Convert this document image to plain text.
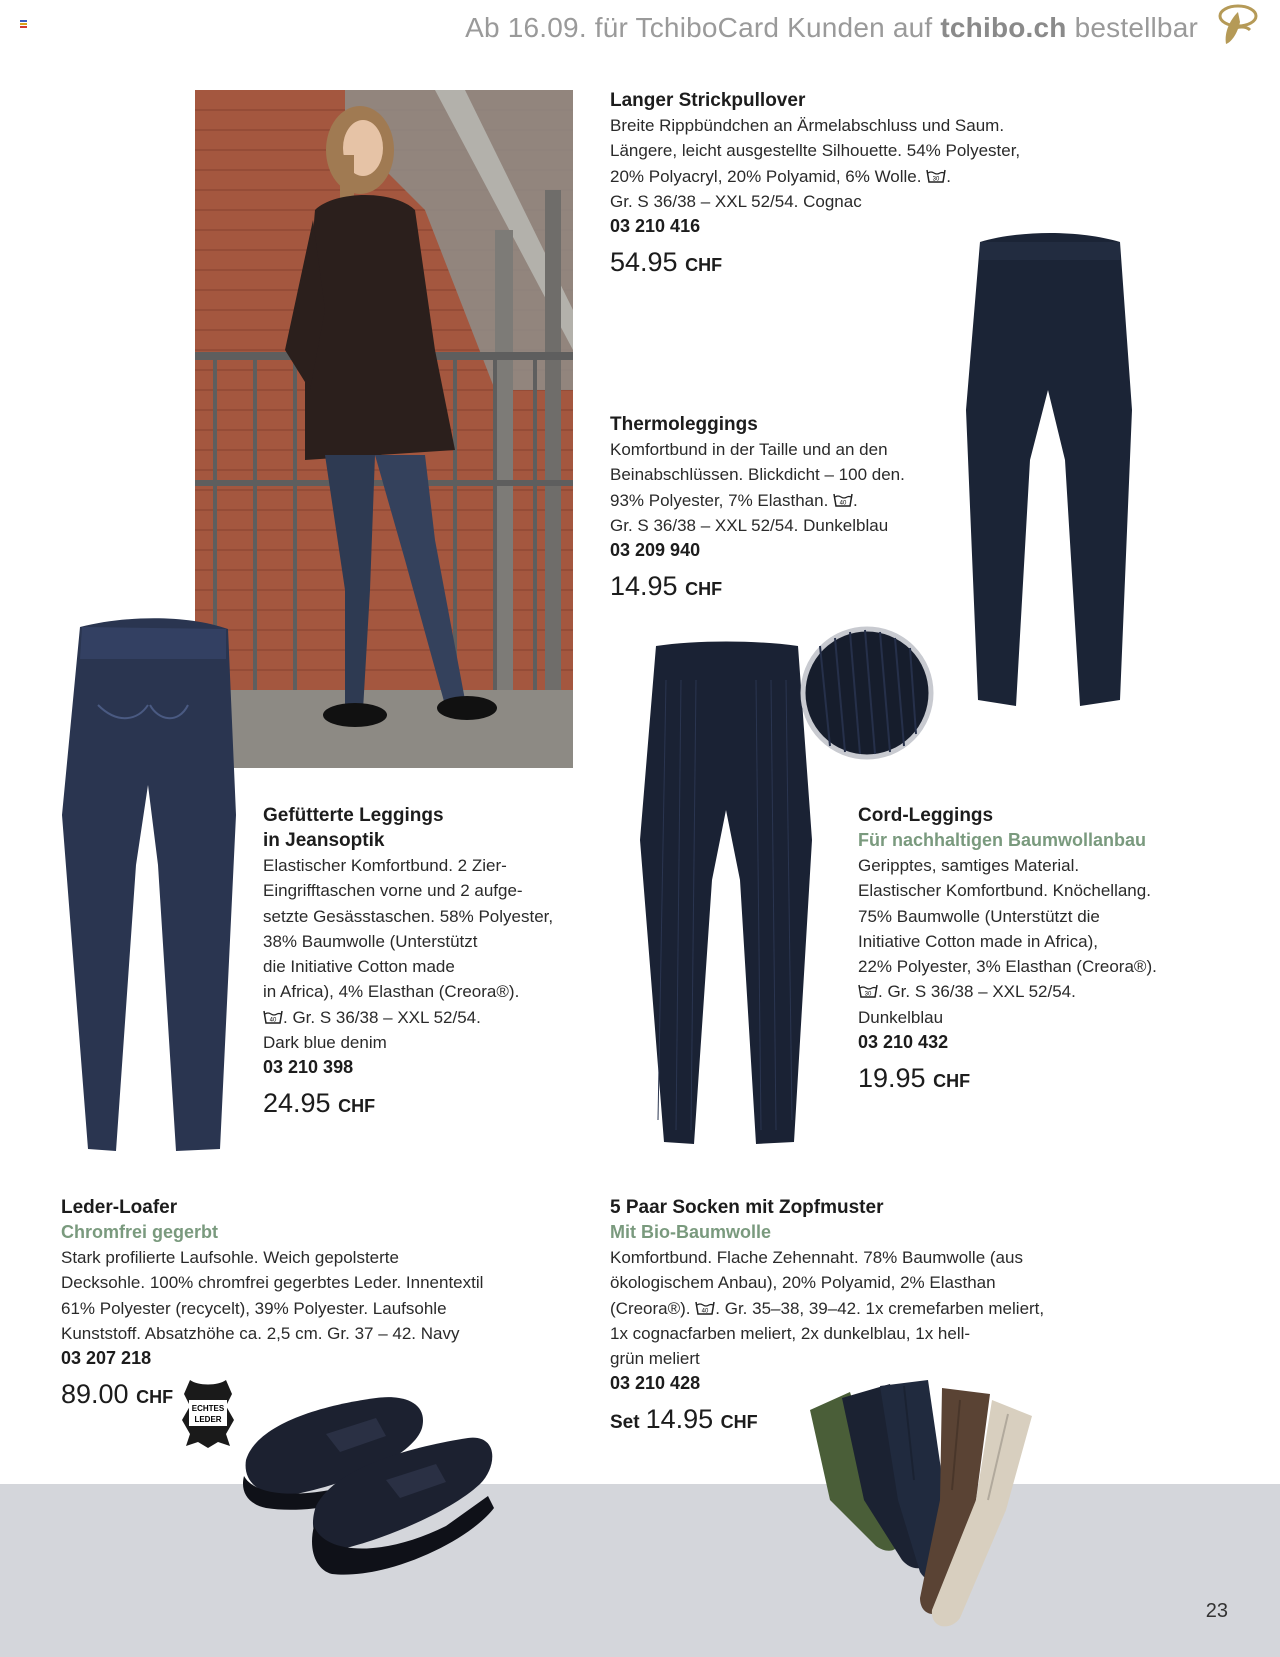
Ab 16.09. für TchiboCard Kunden auf tchibo.ch bestellbar
Langer Strickpullover
Breite Rippbündchen an Ärmelabschluss und Saum.
Längere, leicht ausgestellte Silhouette. 54% Polyester,
20% Polyacryl, 20% Polyamid, 6% Wolle. 30 .
Gr. S 36/38 – XXL 52/54. Cognac
03 210 416
54.95 CHF
Thermoleggings
Komfortbund in der Taille und an den
Beinabschlüssen. Blickdicht – 100 den.
93% Polyester, 7% Elasthan. 40 .
Gr. S 36/38 – XXL 52/54. Dunkelblau
03 209 940
14.95 CHF
Gefütterte Leggings
in Jeansoptik
Elastischer Komfortbund. 2 Zier-
Eingrifftaschen vorne und 2 aufge-
setzte Gesässtaschen. 58% Polyester,
38% Baumwolle (Unterstützt
die Initiative Cotton made
in Africa), 4% Elasthan (Creora®).
40 . Gr. S 36/38 – XXL 52/54.
Dark blue denim
03 210 398
24.95 CHF
Cord-Leggings
Für nachhaltigen Baumwollanbau
Geripptes, samtiges Material.
Elastischer Komfortbund. Knöchellang.
75% Baumwolle (Unterstützt die
Initiative Cotton made in Africa),
22% Polyester, 3% Elasthan (Creora®).
30 . Gr. S 36/38 – XXL 52/54.
Dunkelblau
03 210 432
19.95 CHF
Leder-Loafer
Chromfrei gegerbt
Stark profilierte Laufsohle. Weich gepolsterte
Decksohle. 100% chromfrei gegerbtes Leder. Innentextil
61% Polyester (recycelt), 39% Polyester. Laufsohle
Kunststoff. Absatzhöhe ca. 2,5 cm. Gr. 37 – 42. Navy
03 207 218
89.00 CHF
ECHTES
LEDER
5 Paar Socken mit Zopfmuster
Mit Bio-Baumwolle
Komfortbund. Flache Zehennaht. 78% Baumwolle (aus
ökologischem Anbau), 20% Polyamid, 2% Elasthan
(Creora®). 40 . Gr. 35–38, 39–42. 1x cremefarben meliert,
1x cognacfarben meliert, 2x dunkelblau, 1x hell-
grün meliert
03 210 428
Set 14.95 CHF
23
